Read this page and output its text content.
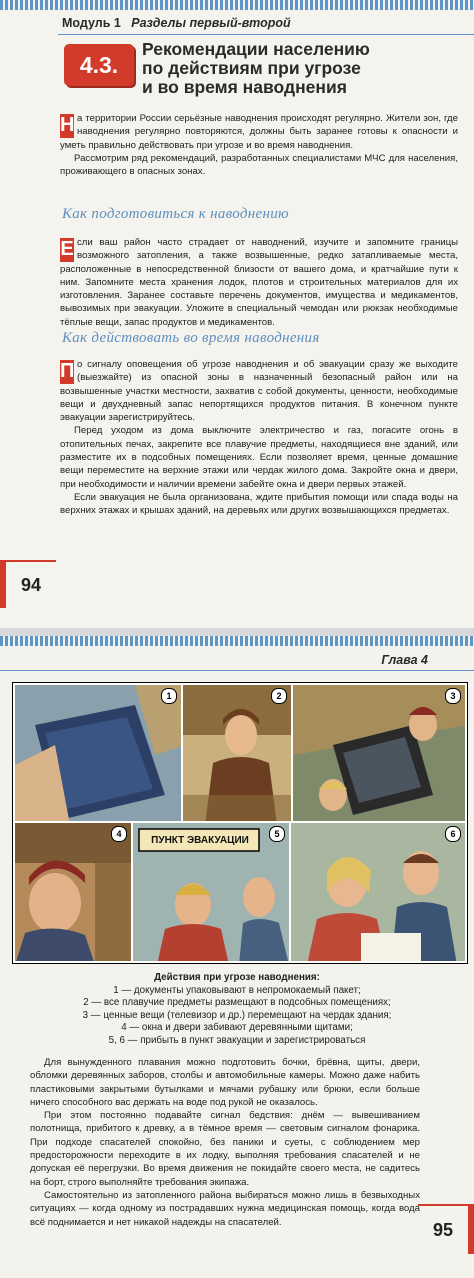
Модуль 1 Разделы первый-второй
4.3.
Рекомендации населению
по действиям при угрозе
и во время наводнения

Н а территории России серьёзные наводнения происходят регулярно. Жители зон, где наводнения регулярно повторяются, должны быть заранее готовы к опасности и уметь правильно действовать при угрозе и во время наводнения.

Рассмотрим ряд рекомендаций, разработанных специалистами МЧС для населения, проживающего в опасных зонах.

Как подготовиться к наводнению

Е сли ваш район часто страдает от наводнений, изучите и запомните границы возможного затопления, а также возвышенные, редко затапливаемые места, расположенные в непосредственной близости от вашего дома, и кратчайшие пути к ним. Запомните места хранения лодок, плотов и строительных материалов для их изготовления. Заранее составьте перечень документов, имущества и медикаментов, вывозимых при эвакуации. Уложите в специальный чемодан или рюкзак необходимые тёплые вещи, запас продуктов и медикаментов.

Как действовать во время наводнения

П о сигналу оповещения об угрозе наводнения и об эвакуации сразу же выходите (выезжайте) из опасной зоны в назначенный безопасный район или на возвышенные участки местности, захватив с собой документы, ценности, необходимые вещи и двухдневный запас непортящихся продуктов питания. В конечном пункте эвакуации зарегистрируйтесь.

Перед уходом из дома выключите электричество и газ, погасите огонь в отопительных печах, закрепите все плавучие предметы, находящиеся вне зданий, или разместите их в подсобных помещениях. Если позволяет время, ценные домашние вещи переместите на верхние этажи или чердак жилого дома. Закройте окна и двери, при необходимости и наличии времени забейте окна и двери первых этажей.

Если эвакуация не была организована, ждите прибытия помощи или спада воды на верхних этажах и крышах зданий, на деревьях или других возвышающихся предметах.

94
Глава 4
1	2	3
4
ПУНКТ ЭВАКУАЦИИ
5	6
Действия при угрозе наводнения:
1 — документы упаковывают в непромокаемый пакет;
2 — все плавучие предметы размещают в подсобных помещениях;
3 — ценные вещи (телевизор и др.) перемещают на чердак здания;
4 — окна и двери забивают деревянными щитами;
5, 6 — прибыть в пункт эвакуации и зарегистрироваться

Для вынужденного плавания можно подготовить бочки, брёвна, щиты, двери, обломки деревянных заборов, столбы и автомобильные камеры. Можно даже набить пластиковыми закрытыми бутылками и мячами рубашку или брюки, если больше ничего способного вас держать на воде под рукой не оказалось.

При этом постоянно подавайте сигнал бедствия: днём — вывешиванием полотнища, прибитого к древку, а в тёмное время — световым сигналом фонарика. При подходе спасателей спокойно, без паники и суеты, с соблюдением мер предосторожности переходите в их лодку, выполняя требования спасателей и не допуская её перегрузки. Во время движения не покидайте своего места, не садитесь на борт, строго выполняйте требования экипажа.

Самостоятельно из затопленного района выбираться можно лишь в безвыходных ситуациях — когда одному из пострадавших нужна медицинская помощь, когда вода всё поднимается и нет никакой надежды на спасателей.	95
